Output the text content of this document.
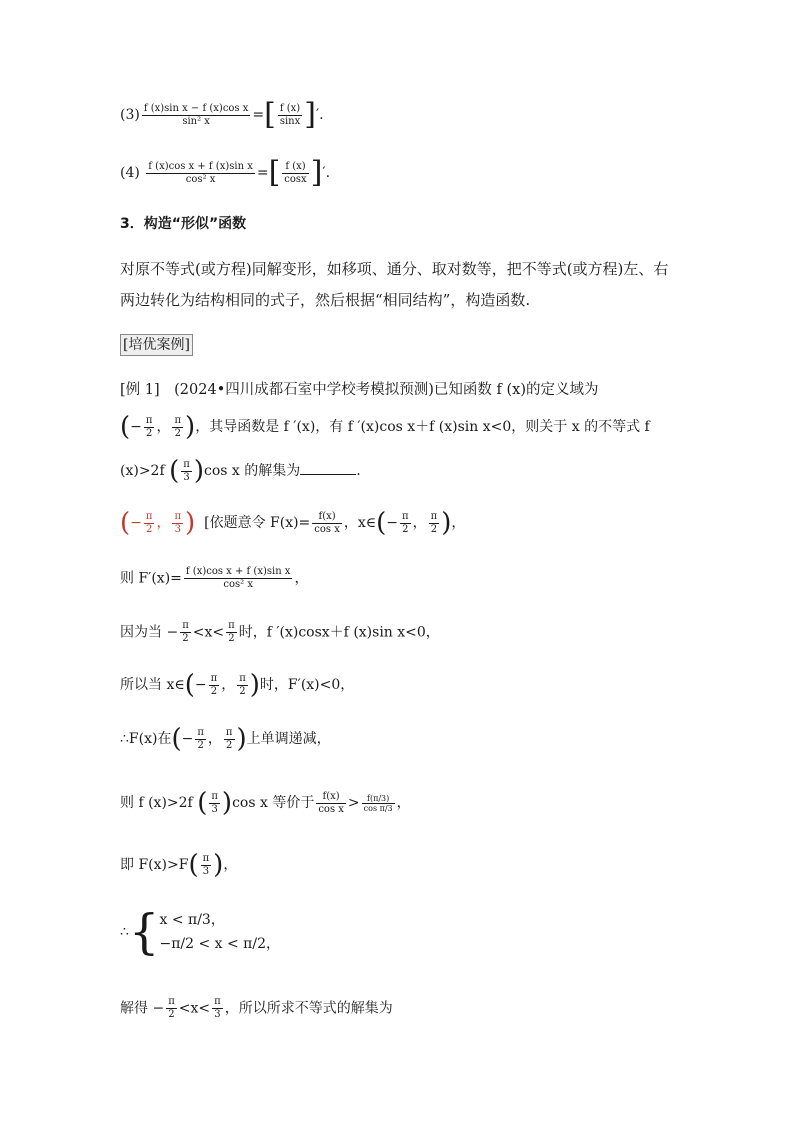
$(3) \frac{\text{f (x)sin x − f (x)cos x}}{\text{sin² x}}$ =[ $\frac{f (x)}{\sin x}$ ]′.
$(4) \frac{\text{f (x)cos x + f (x)sin x}}{\text{cos² x}}$ =[ $\frac{f (x)}{\cos x}$ ]′.
3．构造“形似”函数
对原不等式(或方程)同解变形，如移项、通分、取对数等，把不等式(或方程)左、右两边转化为结构相同的式子，然后根据“相同结构”，构造函数.
[培优案例]
[例 1]　(2024•四川成都石室中学校考模拟预测)已知函数 f (x)的定义域为
(− $\frac{\pi}{2}$ ， $\frac{\pi}{2}$ )，其导函数是 f ′(x)，有 f ′(x)cos x＋f (x)sin x<0，则关于 x 的不等式 f
(x)>2f ( $\frac{\pi}{3} )\cos$ x 的解集为	.
(− $\frac{\pi}{2}$ ， $\frac{\pi}{3}$ ) [依题意令 $F(x)= \frac{f(x)}{\text{cos x}}$ ，x∈(− $\frac{\pi}{2}$ ， $\frac{\pi}{2}$ )，
则 $F'(x)= \frac{\text{f (x)cos x + f (x)sin x}}{\text{cos² x}}$ ，
因为当 − $\frac{\pi}{2} <x< \frac{\pi}{2}$ 时，f ′(x)cosx＋f (x)sin x<0，
所以当 x∈(− $\frac{\pi}{2}$ ， $\frac{\pi}{2}$ )时，F′(x)<0，
∴F(x)在(− $\frac{\pi}{2}$ ， $\frac{\pi}{2}$ )上单调递减，
则 f (x)>2f ( $\frac{\pi}{3} )\cos$ x 等价于 $\frac{f(x)}{\text{cos x}} > \frac{f(\pi/3)}{\text{cos π/3}}$ ，
即 $F(x)>F( \frac{\pi}{3}$ )，
∴{ x < π/3，
−π/2 < x < π/2，
解得 − $\frac{\pi}{2} <x< \frac{\pi}{3}$ ，所以所求不等式的解集为
